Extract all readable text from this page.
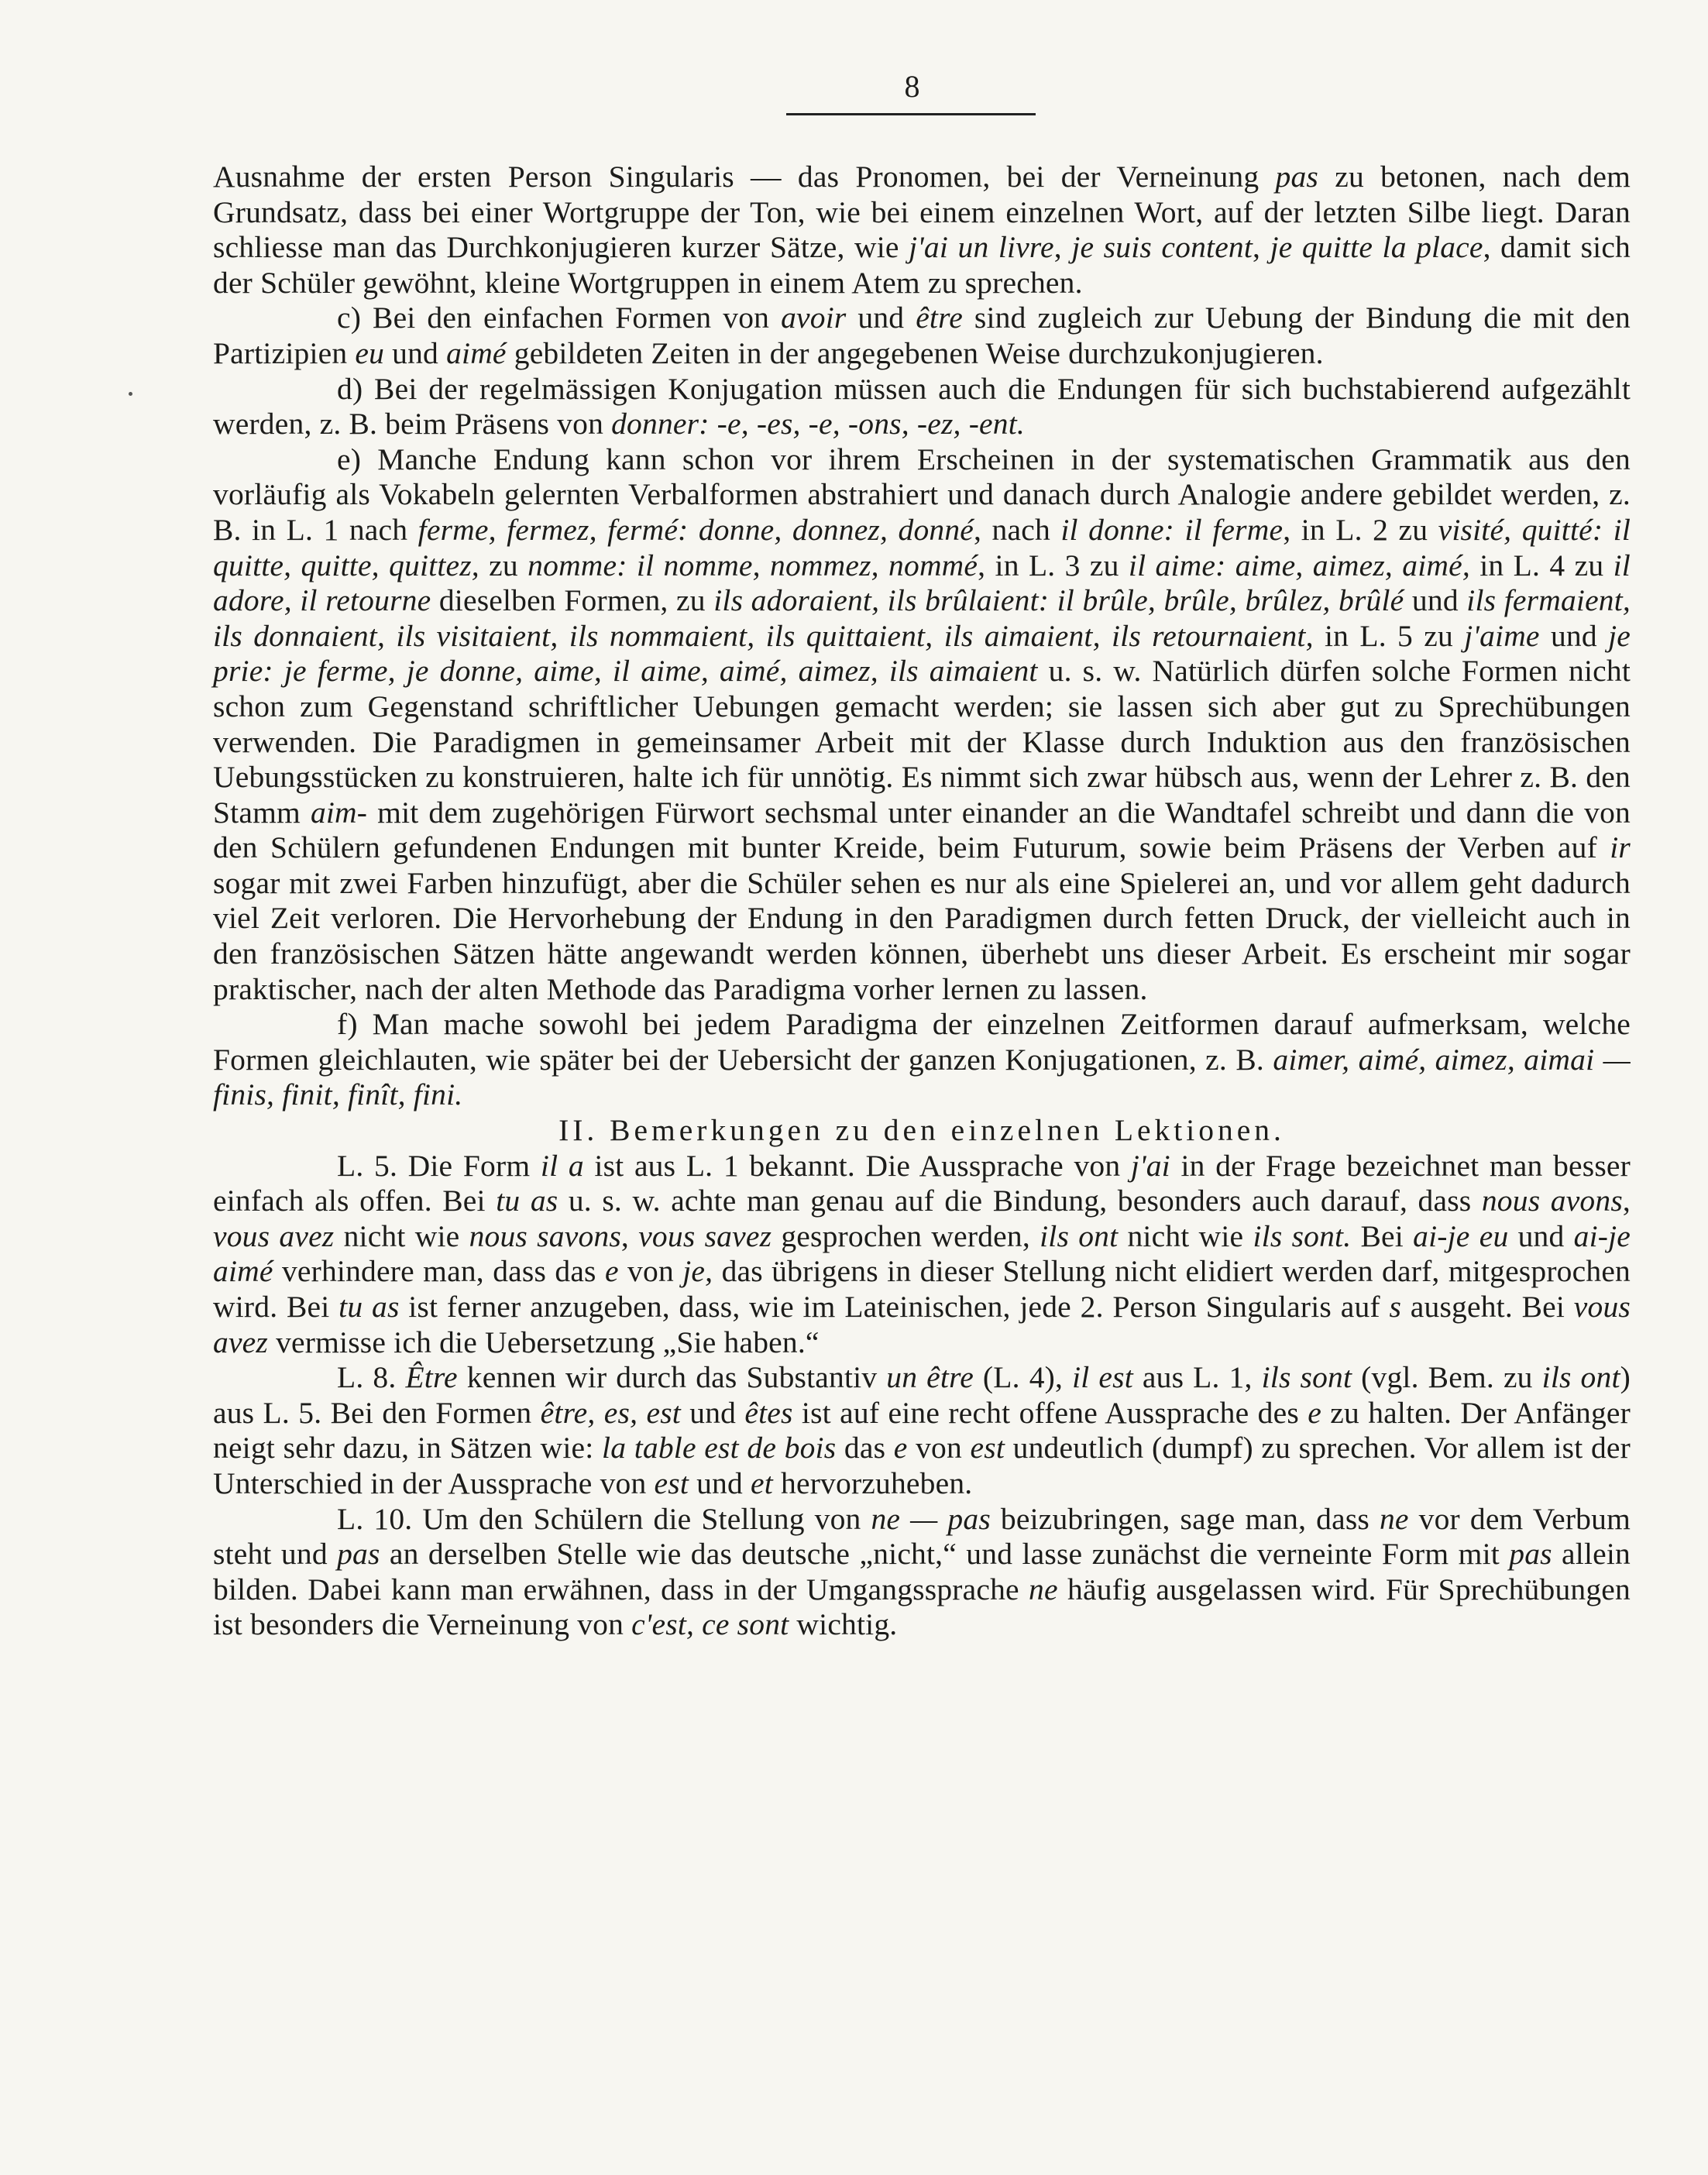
8

Ausnahme der ersten Person Singularis — das Pronomen, bei der Verneinung pas zu betonen, nach dem Grundsatz, dass bei einer Wortgruppe der Ton, wie bei einem einzelnen Wort, auf der letzten Silbe liegt. Daran schliesse man das Durchkonjugieren kurzer Sätze, wie j'ai un livre, je suis content, je quitte la place, damit sich der Schüler gewöhnt, kleine Wortgruppen in einem Atem zu sprechen.

c) Bei den einfachen Formen von avoir und être sind zugleich zur Uebung der Bindung die mit den Partizipien eu und aimé gebildeten Zeiten in der angegebenen Weise durchzukonjugieren.

d) Bei der regelmässigen Konjugation müssen auch die Endungen für sich buchstabierend aufgezählt werden, z. B. beim Präsens von donner: -e, -es, -e, -ons, -ez, -ent.

e) Manche Endung kann schon vor ihrem Erscheinen in der systematischen Grammatik aus den vorläufig als Vokabeln gelernten Verbalformen abstrahiert und danach durch Analogie andere gebildet werden, z. B. in L. 1 nach ferme, fermez, fermé: donne, donnez, donné, nach il donne: il ferme, in L. 2 zu visité, quitté: il quitte, quitte, quittez, zu nomme: il nomme, nommez, nommé, in L. 3 zu il aime: aime, aimez, aimé, in L. 4 zu il adore, il retourne dieselben Formen, zu ils adoraient, ils brûlaient: il brûle, brûle, brûlez, brûlé und ils fermaient, ils donnaient, ils visitaient, ils nommaient, ils quittaient, ils aimaient, ils retournaient, in L. 5 zu j'aime und je prie: je ferme, je donne, aime, il aime, aimé, aimez, ils aimaient u. s. w. Natürlich dürfen solche Formen nicht schon zum Gegenstand schriftlicher Uebungen gemacht werden; sie lassen sich aber gut zu Sprechübungen verwenden. Die Paradigmen in gemeinsamer Arbeit mit der Klasse durch Induktion aus den französischen Uebungsstücken zu konstruieren, halte ich für unnötig. Es nimmt sich zwar hübsch aus, wenn der Lehrer z. B. den Stamm aim- mit dem zugehörigen Fürwort sechsmal unter einander an die Wandtafel schreibt und dann die von den Schülern gefundenen Endungen mit bunter Kreide, beim Futurum, sowie beim Präsens der Verben auf ir sogar mit zwei Farben hinzufügt, aber die Schüler sehen es nur als eine Spielerei an, und vor allem geht dadurch viel Zeit verloren. Die Hervorhebung der Endung in den Paradigmen durch fetten Druck, der vielleicht auch in den französischen Sätzen hätte angewandt werden können, überhebt uns dieser Arbeit. Es erscheint mir sogar praktischer, nach der alten Methode das Paradigma vorher lernen zu lassen.

f) Man mache sowohl bei jedem Paradigma der einzelnen Zeitformen darauf aufmerksam, welche Formen gleichlauten, wie später bei der Uebersicht der ganzen Konjugationen, z. B. aimer, aimé, aimez, aimai — finis, finit, finît, fini.

II. Bemerkungen zu den einzelnen Lektionen.

L. 5. Die Form il a ist aus L. 1 bekannt. Die Aussprache von j'ai in der Frage bezeichnet man besser einfach als offen. Bei tu as u. s. w. achte man genau auf die Bindung, besonders auch darauf, dass nous avons, vous avez nicht wie nous savons, vous savez gesprochen werden, ils ont nicht wie ils sont. Bei ai-je eu und ai-je aimé verhindere man, dass das e von je, das übrigens in dieser Stellung nicht elidiert werden darf, mitgesprochen wird. Bei tu as ist ferner anzugeben, dass, wie im Lateinischen, jede 2. Person Singularis auf s ausgeht. Bei vous avez vermisse ich die Uebersetzung „Sie haben.“

L. 8. Être kennen wir durch das Substantiv un être (L. 4), il est aus L. 1, ils sont (vgl. Bem. zu ils ont) aus L. 5. Bei den Formen être, es, est und êtes ist auf eine recht offene Aussprache des e zu halten. Der Anfänger neigt sehr dazu, in Sätzen wie: la table est de bois das e von est undeutlich (dumpf) zu sprechen. Vor allem ist der Unterschied in der Aussprache von est und et hervorzuheben.

L. 10. Um den Schülern die Stellung von ne — pas beizubringen, sage man, dass ne vor dem Verbum steht und pas an derselben Stelle wie das deutsche „nicht,“ und lasse zunächst die verneinte Form mit pas allein bilden. Dabei kann man erwähnen, dass in der Umgangssprache ne häufig ausgelassen wird. Für Sprechübungen ist besonders die Verneinung von c'est, ce sont wichtig.
